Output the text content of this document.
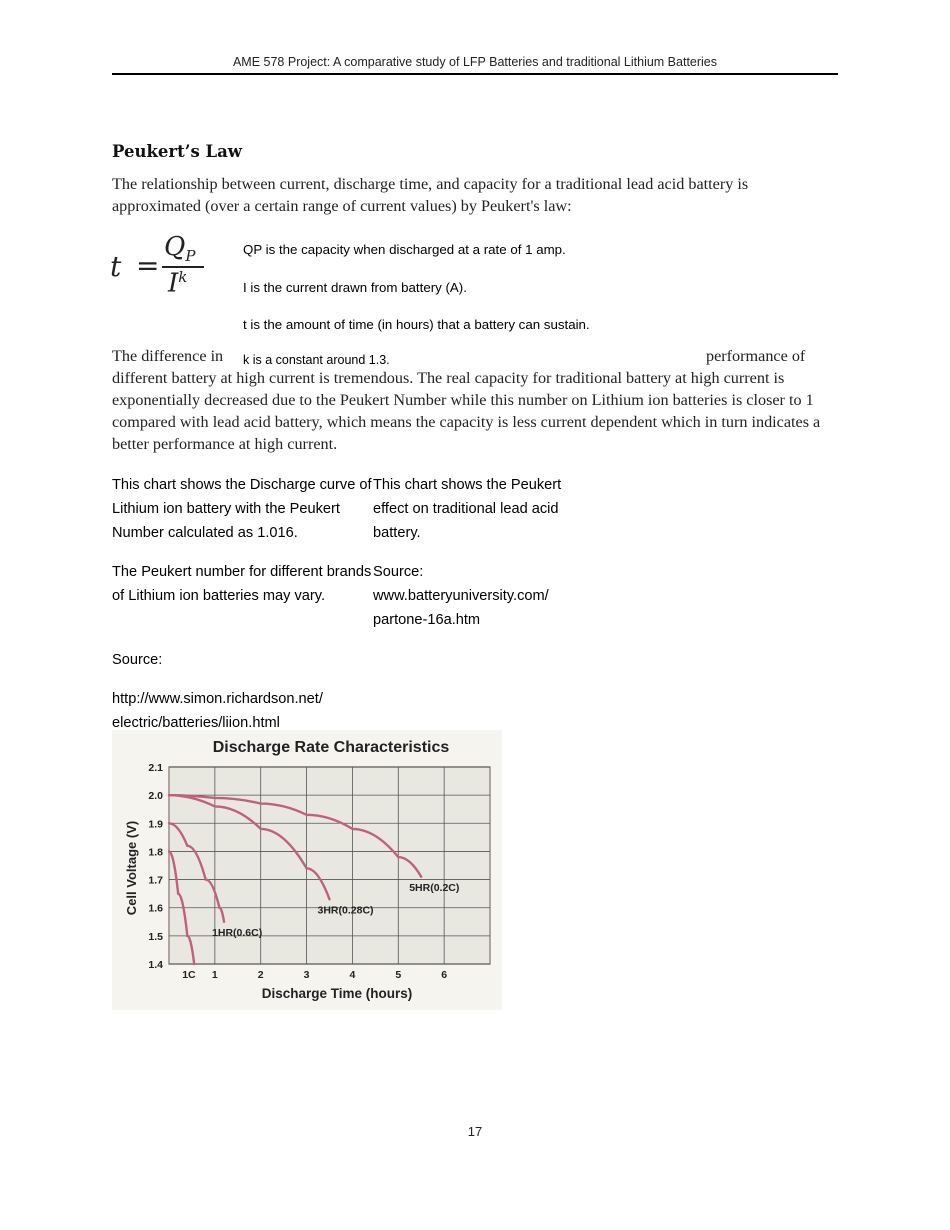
AME 578 Project: A comparative study of LFP Batteries and traditional Lithium Batteries
Peukert’s Law
The relationship between current, discharge time, and capacity for a traditional lead acid battery is approximated (over a certain range of current values) by Peukert's law:
t =
$Q_P$
$I^k$
QP is the capacity when discharged at a rate of 1 amp.
I is the current drawn from battery (A).
t is the amount of time (in hours) that a battery can sustain.
k is a constant around 1.3.
The difference in	performance of
different battery at high current is tremendous. The real capacity for traditional battery at high current is exponentially decreased due to the Peukert Number while this number on Lithium ion batteries is closer to 1 compared with lead acid battery, which means the capacity is less current dependent which in turn indicates a better performance at high current.
This chart shows the Discharge curve of Lithium ion battery with the Peukert Number calculated as 1.016.
This chart shows the Peukert effect on traditional lead acid battery.
The Peukert number for different brands of Lithium ion batteries may vary.
Source: www.batteryuniversity.com/ partone-16a.htm
Source:
http://www.simon.richardson.net/
electric/batteries/liion.html
Discharge Rate Characteristics
2.1
2.0
1.9
1.8
1.7
1.6
1.5
1.4
1	2	3	4	5	6
1C
1HR(0.6C)
3HR(0.28C)
5HR(0.2C)
Discharge Time (hours)
Cell Voltage (V)
17
